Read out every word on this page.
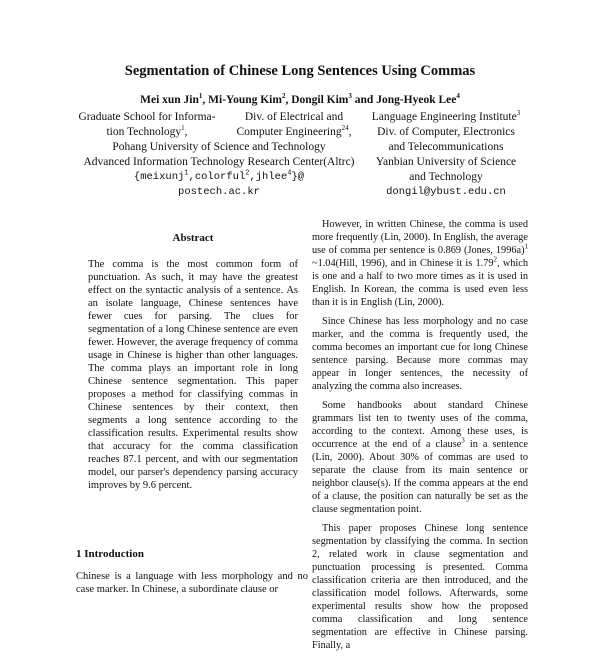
Segmentation of Chinese Long Sentences Using Commas
Mei xun Jin$^1$, Mi-Young Kim$^2$, Dongil Kim$^3$ and Jong-Hyeok Lee$^4$
Graduate School for Informa-
tion Technology$^1$,
Div. of Electrical and
Computer Engineering$^{24}$,
Pohang University of Science and Technology
Advanced Information Technology Research Center(Altrc)
{meixunj$^1$,colorful$^2$,jhlee$^4$}@
postech.ac.kr
Language Engineering Institute$^3$
Div. of Computer, Electronics
and Telecommunications
Yanbian University of Science
and Technology
dongil@ybust.edu.cn
Abstract
The comma is the most common form of punctuation. As such, it may have the greatest effect on the syntactic analysis of a sentence. As an isolate language, Chinese sentences have fewer cues for parsing. The clues for segmentation of a long Chinese sentence are even fewer. However, the average frequency of comma usage in Chinese is higher than other languages. The comma plays an important role in long Chinese sentence segmentation. This paper proposes a method for classifying commas in Chinese sentences by their context, then segments a long sentence according to the classification results. Experimental results show that accuracy for the comma classification reaches 87.1 percent, and with our segmentation model, our parser's dependency parsing accuracy improves by 9.6 percent.
1 Introduction
Chinese is a language with less morphology and no case marker. In Chinese, a subordinate clause or

However, in written Chinese, the comma is used more frequently (Lin, 2000). In English, the average use of comma per sentence is 0.869 (Jones, 1996a)$^1$ ~1.04(Hill, 1996), and in Chinese it is 1.79$^2$, which is one and a half to two more times as it is used in English. In Korean, the comma is used even less than it is in English (Lin, 2000).

Since Chinese has less morphology and no case marker, and the comma is frequently used, the comma becomes an important cue for long Chinese sentence parsing. Because more commas may appear in longer sentences, the necessity of analyzing the comma also increases.

Some handbooks about standard Chinese grammars list ten to twenty uses of the comma, according to the context. Among these uses, is occurrence at the end of a clause$^3$ in a sentence (Lin, 2000). About 30% of commas are used to separate the clause from its main sentence or neighbor clause(s). If the comma appears at the end of a clause, the position can naturally be set as the clause segmentation point.

This paper proposes Chinese long sentence segmentation by classifying the comma. In section 2, related work in clause segmentation and punctuation processing is presented. Comma classification criteria are then introduced, and the classification model follows. Afterwards, some experimental results show how the proposed comma classification and long sentence segmentation are effective in Chinese parsing. Finally, a
